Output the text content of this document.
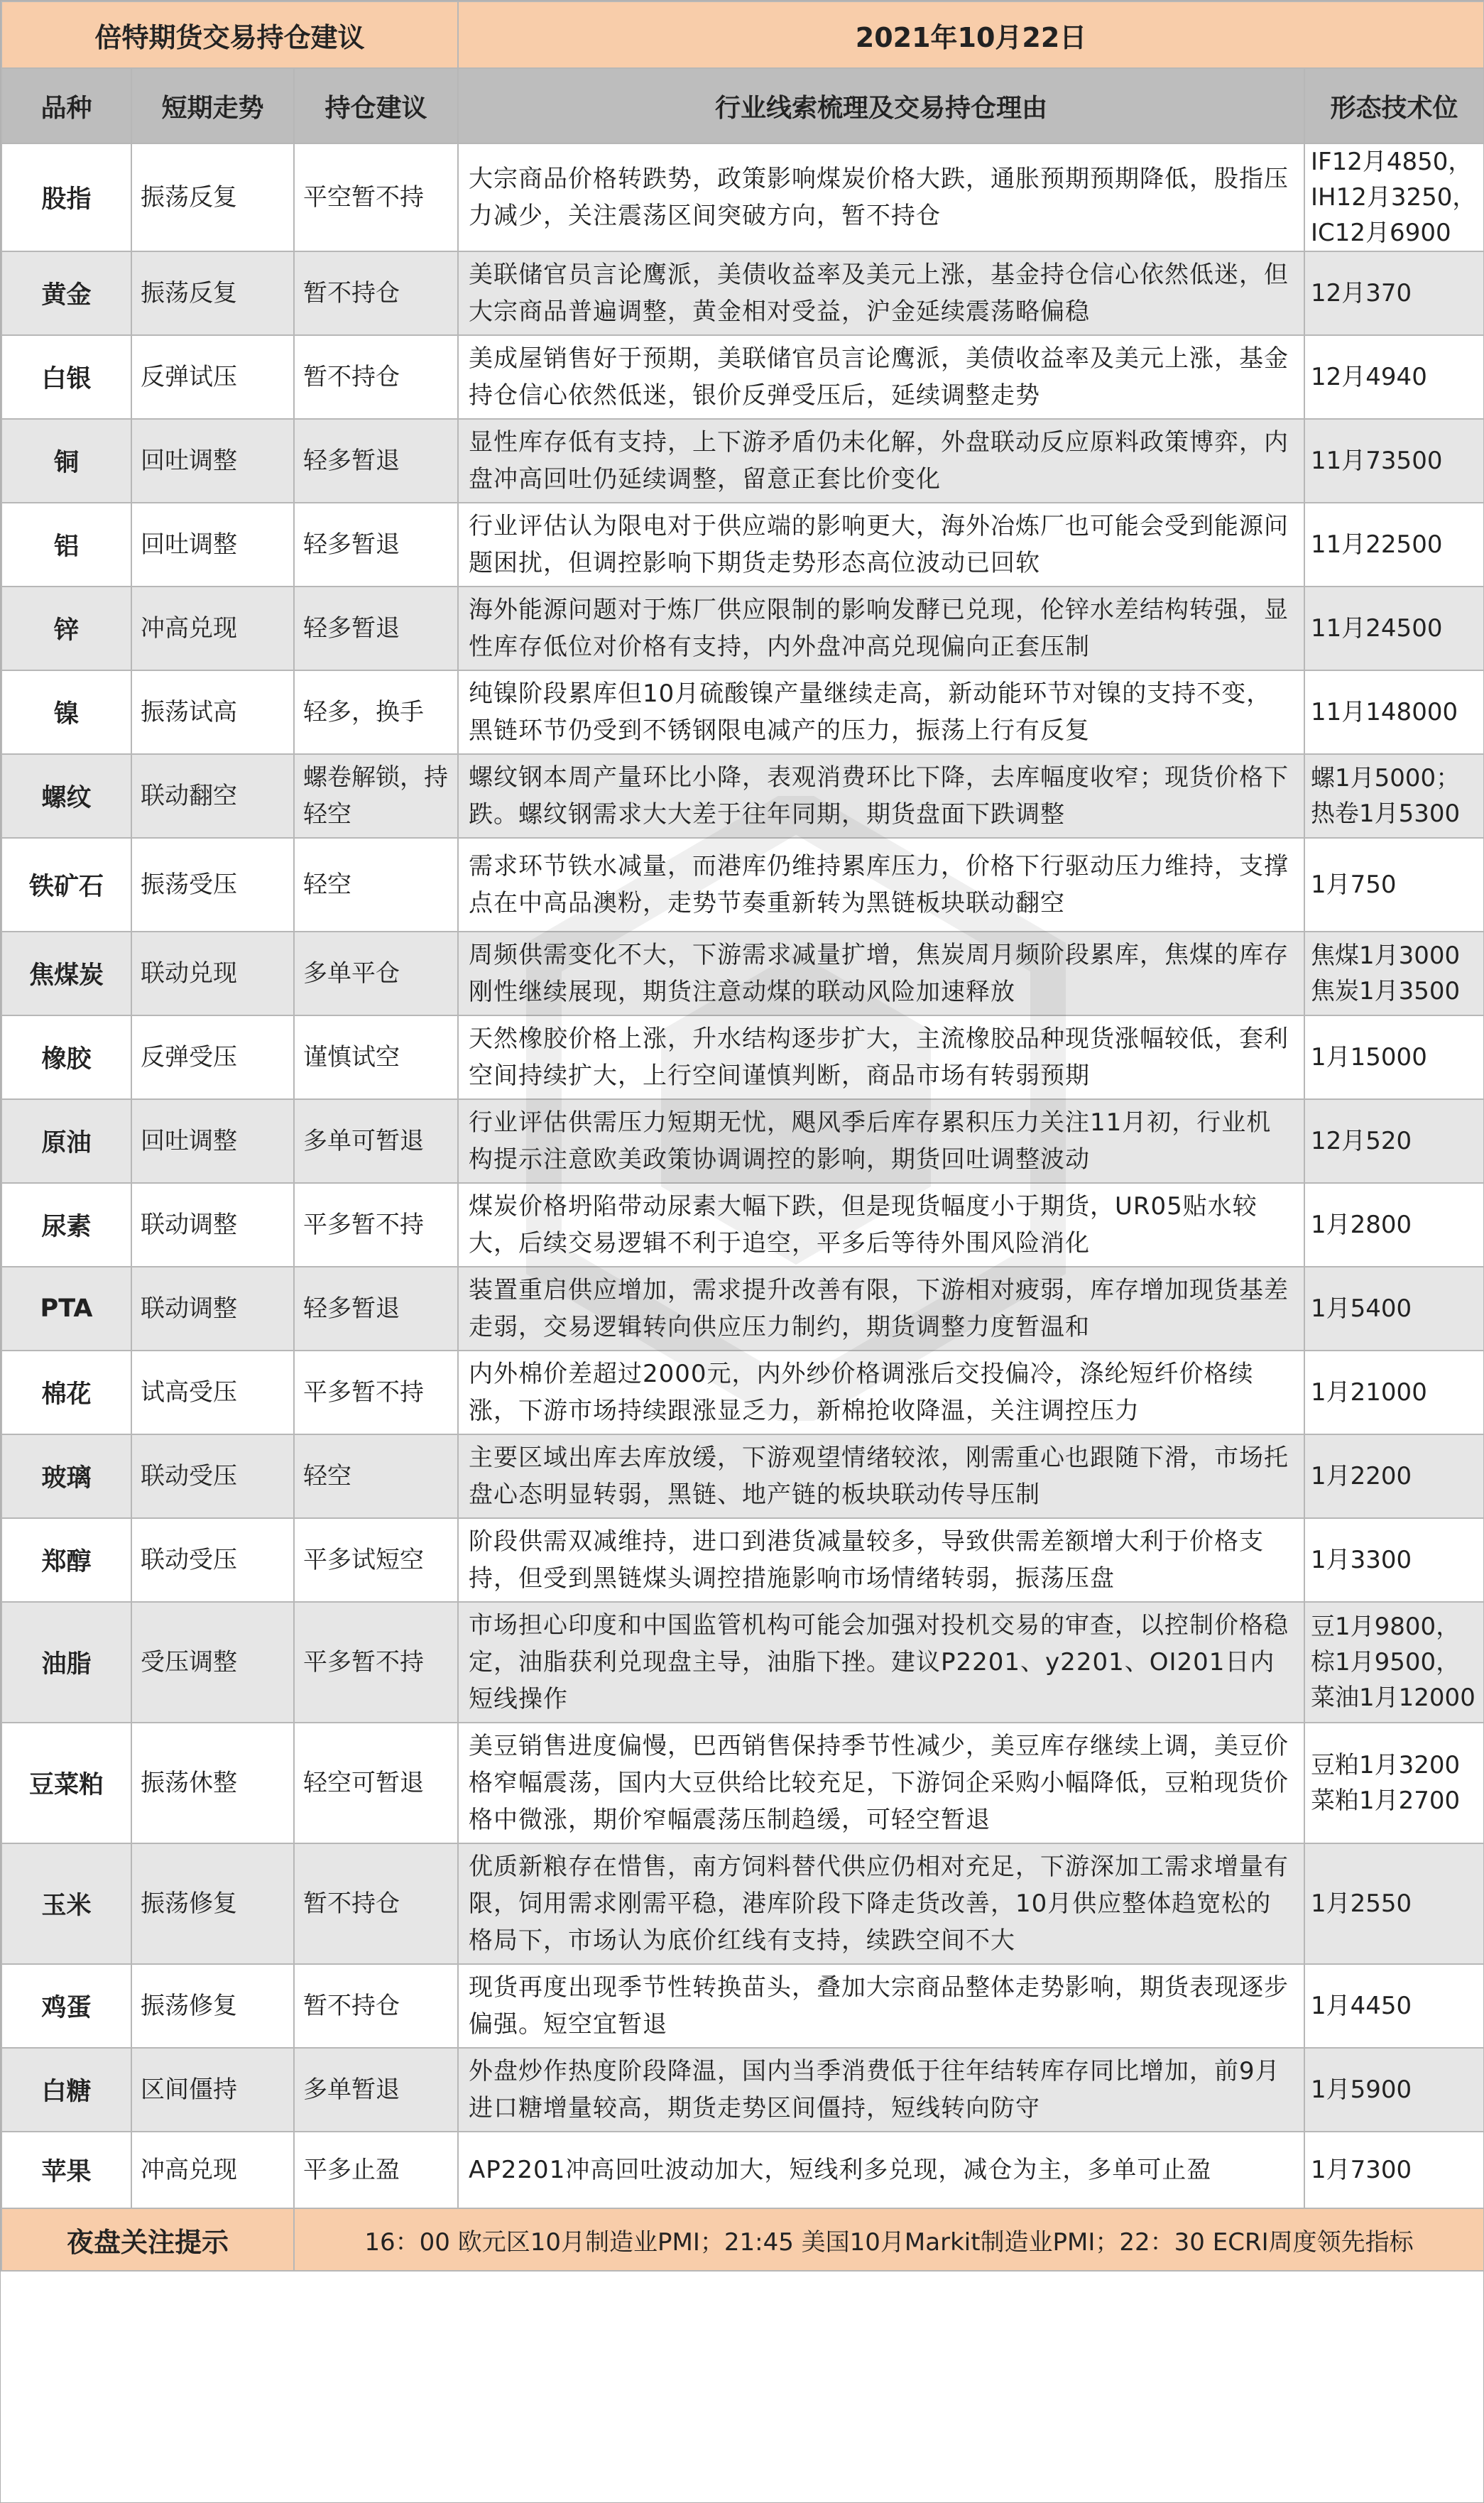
倍特期货交易持仓建议			2021年10月22日	
品种	短期走势	持仓建议	行业线索梳理及交易持仓理由	形态技术位
股指	振荡反复	平空暂不持	大宗商品价格转跌势，政策影响煤炭价格大跌，通胀预期预期降低，股指压力减少，关注震荡区间突破方向，暂不持仓	IF12月4850，
IH12月3250，
IC12月6900

黄金	振荡反复	暂不持仓	美联储官员言论鹰派，美债收益率及美元上涨，基金持仓信心依然低迷，但大宗商品普遍调整，黄金相对受益，沪金延续震荡略偏稳	12月370

白银	反弹试压	暂不持仓	美成屋销售好于预期，美联储官员言论鹰派，美债收益率及美元上涨，基金持仓信心依然低迷，银价反弹受压后，延续调整走势	12月4940

铜	回吐调整	轻多暂退	显性库存低有支持，上下游矛盾仍未化解，外盘联动反应原料政策博弈，内盘冲高回吐仍延续调整，留意正套比价变化	11月73500

铝	回吐调整	轻多暂退	行业评估认为限电对于供应端的影响更大，海外冶炼厂也可能会受到能源问题困扰，但调控影响下期货走势形态高位波动已回软	11月22500

锌	冲高兑现	轻多暂退	海外能源问题对于炼厂供应限制的影响发酵已兑现，伦锌水差结构转强，显性库存低位对价格有支持，内外盘冲高兑现偏向正套压制	11月24500

镍	振荡试高	轻多，换手	纯镍阶段累库但10月硫酸镍产量继续走高，新动能环节对镍的支持不变，黑链环节仍受到不锈钢限电减产的压力，振荡上行有反复	11月148000

螺纹	联动翻空	螺卷解锁，持轻空	螺纹钢本周产量环比小降，表观消费环比下降，去库幅度收窄；现货价格下跌。螺纹钢需求大大差于往年同期，期货盘面下跌调整	螺1月5000；
热卷1月5300

铁矿石	振荡受压	轻空	需求环节铁水减量，而港库仍维持累库压力，价格下行驱动压力维持，支撑点在中高品澳粉，走势节奏重新转为黑链板块联动翻空	1月750

焦煤炭	联动兑现	多单平仓	周频供需变化不大，下游需求减量扩增，焦炭周月频阶段累库，焦煤的库存刚性继续展现，期货注意动煤的联动风险加速释放	焦煤1月3000
焦炭1月3500

橡胶	反弹受压	谨慎试空	天然橡胶价格上涨，升水结构逐步扩大，主流橡胶品种现货涨幅较低，套利空间持续扩大，上行空间谨慎判断，商品市场有转弱预期	1月15000

原油	回吐调整	多单可暂退	行业评估供需压力短期无忧，飓风季后库存累积压力关注11月初，行业机构提示注意欧美政策协调调控的影响，期货回吐调整波动	12月520

尿素	联动调整	平多暂不持	煤炭价格坍陷带动尿素大幅下跌，但是现货幅度小于期货，UR05贴水较大，后续交易逻辑不利于追空，平多后等待外围风险消化	1月2800

PTA	联动调整	轻多暂退	装置重启供应增加，需求提升改善有限，下游相对疲弱，库存增加现货基差走弱，交易逻辑转向供应压力制约，期货调整力度暂温和	1月5400

棉花	试高受压	平多暂不持	内外棉价差超过2000元，内外纱价格调涨后交投偏冷，涤纶短纤价格续涨，下游市场持续跟涨显乏力，新棉抢收降温，关注调控压力	1月21000

玻璃	联动受压	轻空	主要区域出库去库放缓，下游观望情绪较浓，刚需重心也跟随下滑，市场托盘心态明显转弱，黑链、地产链的板块联动传导压制	1月2200

郑醇	联动受压	平多试短空	阶段供需双减维持，进口到港货减量较多，导致供需差额增大利于价格支持，但受到黑链煤头调控措施影响市场情绪转弱，振荡压盘	1月3300

油脂	受压调整	平多暂不持	市场担心印度和中国监管机构可能会加强对投机交易的审查，以控制价格稳定，油脂获利兑现盘主导，油脂下挫。建议P2201、y2201、OI201日内短线操作	豆1月9800，
棕1月9500，
菜油1月12000

豆菜粕	振荡休整	轻空可暂退	美豆销售进度偏慢，巴西销售保持季节性减少，美豆库存继续上调，美豆价格窄幅震荡，国内大豆供给比较充足，下游饲企采购小幅降低，豆粕现货价格中微涨，期价窄幅震荡压制趋缓，可轻空暂退	豆粕1月3200
菜粕1月2700

玉米	振荡修复	暂不持仓	优质新粮存在惜售，南方饲料替代供应仍相对充足，下游深加工需求增量有限，饲用需求刚需平稳，港库阶段下降走货改善，10月供应整体趋宽松的格局下，市场认为底价红线有支持，续跌空间不大	1月2550

鸡蛋	振荡修复	暂不持仓	现货再度出现季节性转换苗头，叠加大宗商品整体走势影响，期货表现逐步偏强。短空宜暂退	1月4450

白糖	区间僵持	多单暂退	外盘炒作热度阶段降温，国内当季消费低于往年结转库存同比增加，前9月进口糖增量较高，期货走势区间僵持，短线转向防守	1月5900

苹果	冲高兑现	平多止盈	AP2201冲高回吐波动加大，短线利多兑现，减仓为主，多单可止盈	1月7300

夜盘关注提示		16：00 欧元区10月制造业PMI；21:45 美国10月Markit制造业PMI；22：30 ECRI周度领先指标		
